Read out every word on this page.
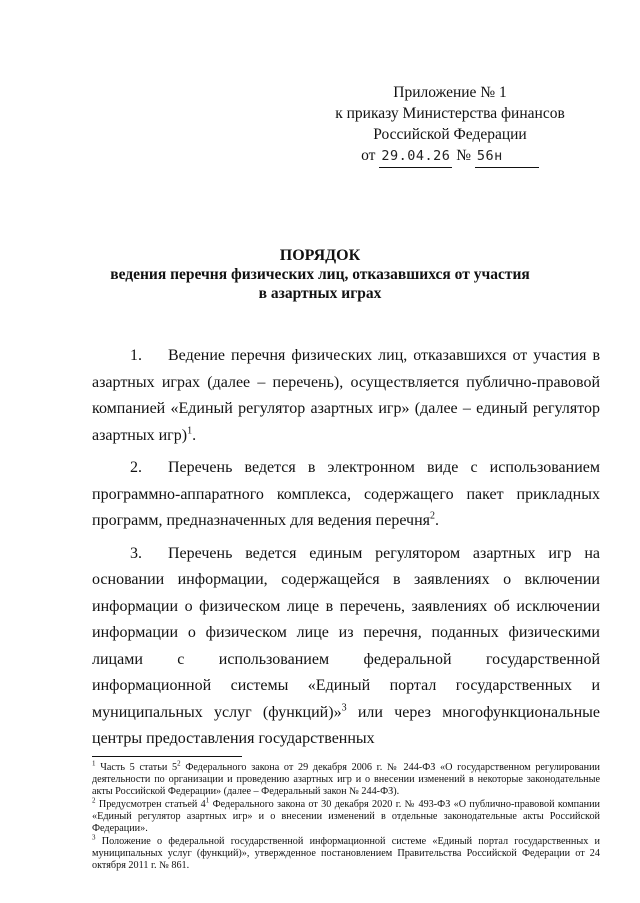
Приложение № 1
к приказу Министерства финансов
Российской Федерации
от 29.04.26 № 56н
ПОРЯДОК
ведения перечня физических лиц, отказавшихся от участия
в азартных играх

1. Ведение перечня физических лиц, отказавшихся от участия в азартных играх (далее – перечень), осуществляется публично-правовой компанией «Единый регулятор азартных игр» (далее – единый регулятор азартных игр)$^1$.

2. Перечень ведется в электронном виде с использованием программно-аппаратного комплекса, содержащего пакет прикладных программ, предназначенных для ведения перечня$^2$.

3. Перечень ведется единым регулятором азартных игр на основании информации, содержащейся в заявлениях о включении информации о физическом лице в перечень, заявлениях об исключении информации о физическом лице из перечня, поданных физическими лицами с использованием федеральной государственной информационной системы «Единый портал государственных и муниципальных услуг (функций)»$^3$ или через многофункциональные центры предоставления государственных

$^1$ Часть 5 статьи $5^2$ Федерального закона от 29 декабря 2006 г. № 244-ФЗ «О государственном регулировании деятельности по организации и проведению азартных игр и о внесении изменений в некоторые законодательные акты Российской Федерации» (далее – Федеральный закон № 244-ФЗ).

$^2$ Предусмотрен статьей $4^1$ Федерального закона от 30 декабря 2020 г. № 493-ФЗ «О публично-правовой компании «Единый регулятор азартных игр» и о внесении изменений в отдельные законодательные акты Российской Федерации».

$^3$ Положение о федеральной государственной информационной системе «Единый портал государственных и муниципальных услуг (функций)», утвержденное постановлением Правительства Российской Федерации от 24 октября 2011 г. № 861.
